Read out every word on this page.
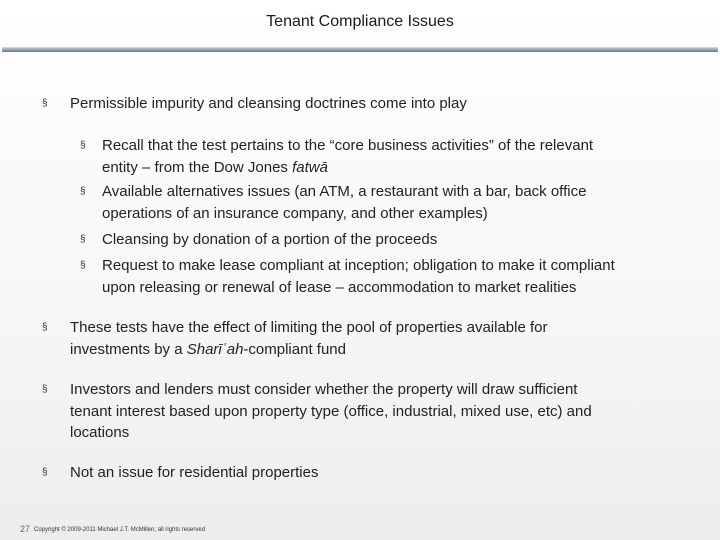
Tenant Compliance Issues
§ Permissible impurity and cleansing doctrines come into play
§ Recall that the test pertains to the “core business activities” of the relevant
entity – from the Dow Jones fatwā
§ Available alternatives issues (an ATM, a restaurant with a bar, back office
operations of an insurance company, and other examples)
§ Cleansing by donation of a portion of the proceeds
§ Request to make lease compliant at inception; obligation to make it compliant
upon releasing or renewal of lease – accommodation to market realities
§ These tests have the effect of limiting the pool of properties available for
investments by a Sharīʿah-compliant fund
§ Investors and lenders must consider whether the property will draw sufficient
tenant interest based upon property type (office, industrial, mixed use, etc) and
locations
§ Not an issue for residential properties
27 Copyright © 2009-2011 Michael J.T. McMillen; all rights reserved
